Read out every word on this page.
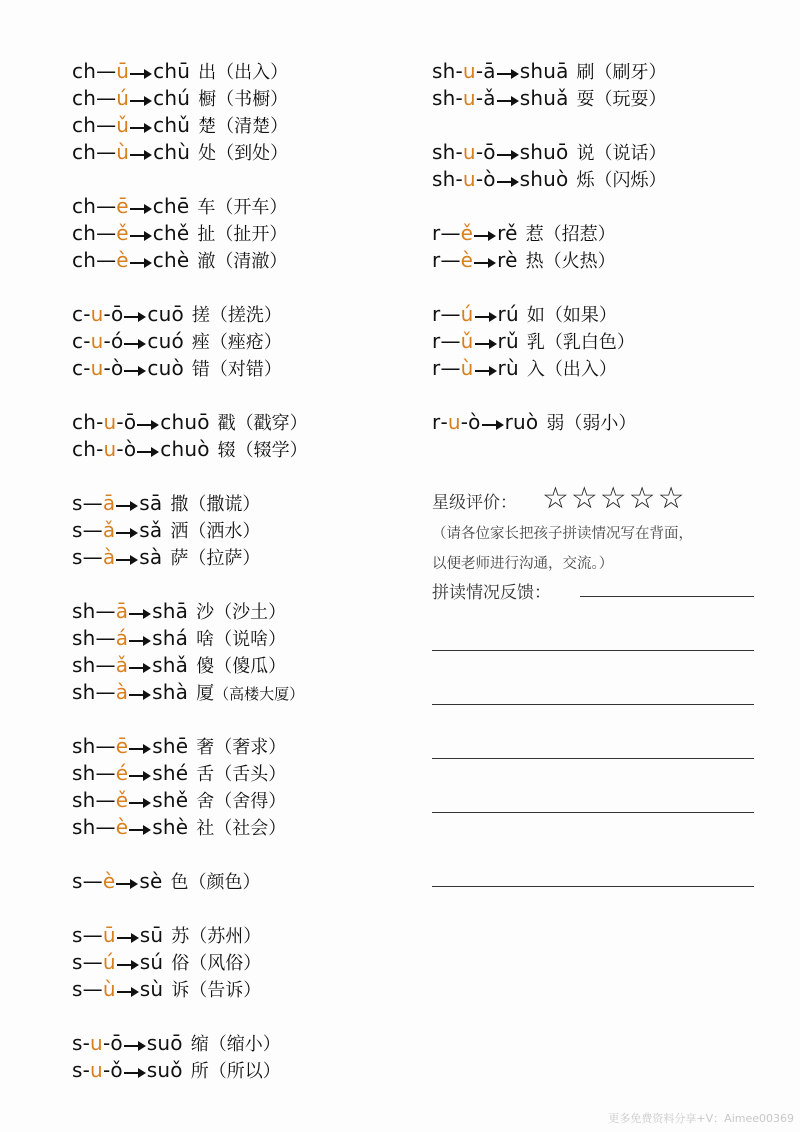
ch—ū chū 出（出入）
ch—ú chú 橱（书橱）
ch—ǔ chǔ 楚（清楚）
ch—ù chù 处（到处）
ch—ē chē 车（开车）
ch—ě chě 扯（扯开）
ch—è chè 澈（清澈）
c-u-ō cuō 搓（搓洗）
c-u-ó cuó 痤（痤疮）
c-u-ò cuò 错（对错）
ch-u-ō chuō 戳（戳穿）
ch-u-ò chuò 辍（辍学）
s—ā sā 撒（撒谎）
s—ǎ sǎ 洒（洒水）
s—à sà 萨（拉萨）
sh—ā shā 沙（沙土）
sh—á shá 啥（说啥）
sh—ǎ shǎ 傻（傻瓜）
sh—à shà 厦（高楼大厦）
sh—ē shē 奢（奢求）
sh—é shé 舌（舌头）
sh—ě shě 舍（舍得）
sh—è shè 社（社会）
s—è sè 色（颜色）
s—ū sū 苏（苏州）
s—ú sú 俗（风俗）
s—ù sù 诉（告诉）
s-u-ō suō 缩（缩小）
s-u-ǒ suǒ 所（所以）
星级评价： ☆☆☆☆☆
（请各位家长把孩子拼读情况写在背面，
以便老师进行沟通，交流。）
拼读情况反馈：
sh-u-ā shuā 刷（刷牙）
sh-u-ǎ shuǎ 耍（玩耍）
sh-u-ō shuō 说（说话）
sh-u-ò shuò 烁（闪烁）
r—ě rě 惹（招惹）
r—è rè 热（火热）
r—ú rú 如（如果）
r—ǔ rǔ 乳（乳白色）
r—ù rù 入（出入）
r-u-ò ruò 弱（弱小）
更多免费资料分享+V：Aimee00369
